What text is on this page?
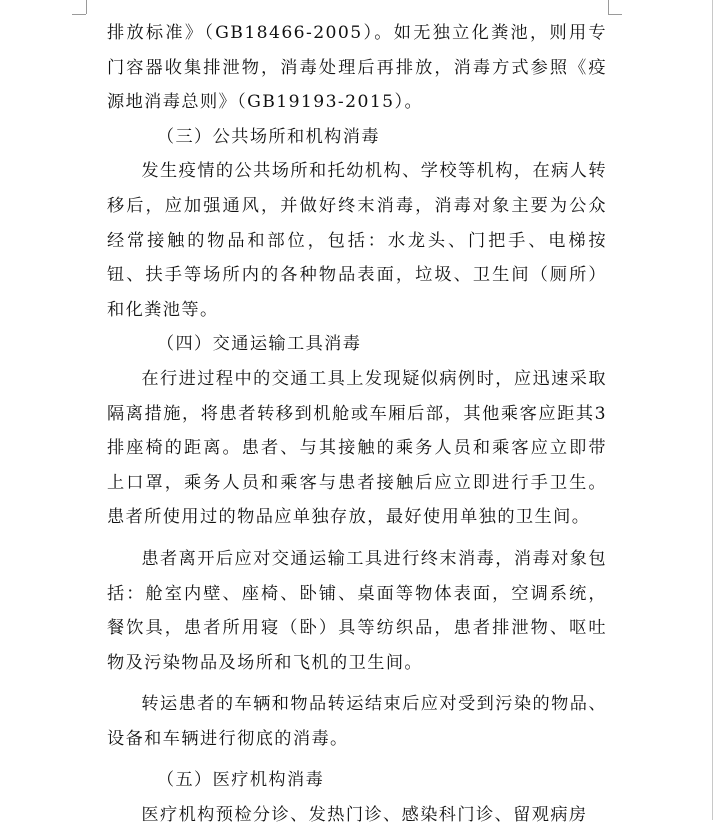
排放标准》（GB18466-2005）。如无独立化粪池，则用专门容器收集排泄物，消毒处理后再排放，消毒方式参照《疫源地消毒总则》（GB19193-2015）。

（三）公共场所和机构消毒

发生疫情的公共场所和托幼机构、学校等机构，在病人转移后，应加强通风，并做好终末消毒，消毒对象主要为公众经常接触的物品和部位，包括：水龙头、门把手、电梯按钮、扶手等场所内的各种物品表面，垃圾、卫生间（厕所）和化粪池等。

（四）交通运输工具消毒

在行进过程中的交通工具上发现疑似病例时，应迅速采取隔离措施，将患者转移到机舱或车厢后部，其他乘客应距其3排座椅的距离。患者、与其接触的乘务人员和乘客应立即带上口罩，乘务人员和乘客与患者接触后应立即进行手卫生。患者所使用过的物品应单独存放，最好使用单独的卫生间。

患者离开后应对交通运输工具进行终末消毒，消毒对象包括：舱室内壁、座椅、卧铺、桌面等物体表面，空调系统，餐饮具，患者所用寝（卧）具等纺织品，患者排泄物、呕吐物及污染物品及场所和飞机的卫生间。

转运患者的车辆和物品转运结束后应对受到污染的物品、设备和车辆进行彻底的消毒。

（五）医疗机构消毒

医疗机构预检分诊、发热门诊、感染科门诊、留观病房
